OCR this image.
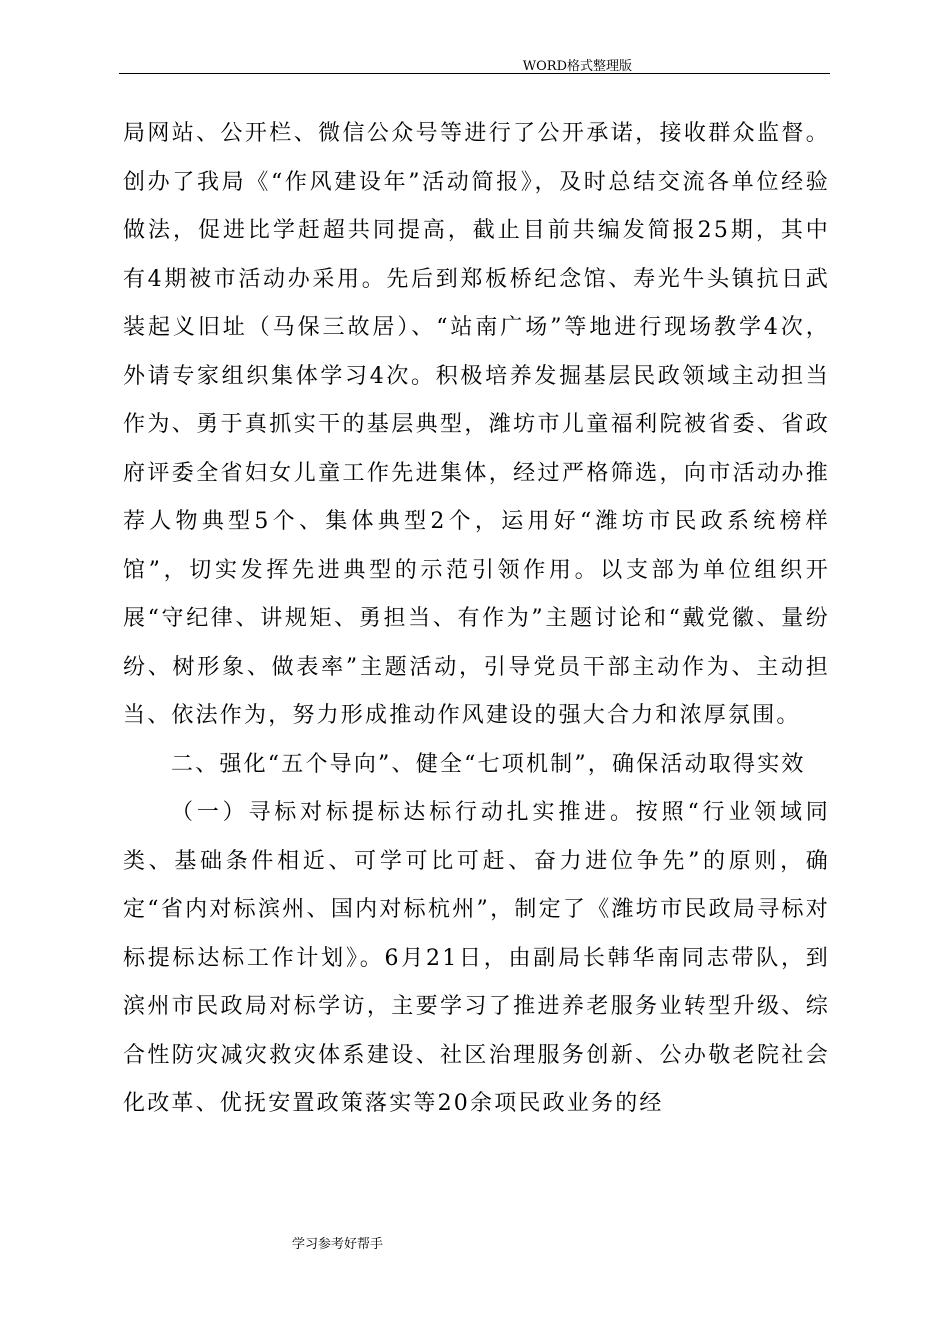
WORD格式整理版

局网站、公开栏、微信公众号等进行了公开承诺，接收群众监督。创办了我局《“作风建设年”活动简报》，及时总结交流各单位经验做法，促进比学赶超共同提高，截止目前共编发简报25期，其中有4期被市活动办采用。先后到郑板桥纪念馆、寿光牛头镇抗日武装起义旧址（马保三故居）、“站南广场”等地进行现场教学4次，外请专家组织集体学习4次。积极培养发掘基层民政领域主动担当作为、勇于真抓实干的基层典型，潍坊市儿童福利院被省委、省政府评委全省妇女儿童工作先进集体，经过严格筛选，向市活动办推荐人物典型5个、集体典型2个，运用好“潍坊市民政系统榜样馆”，切实发挥先进典型的示范引领作用。以支部为单位组织开展“守纪律、讲规矩、勇担当、有作为”主题讨论和“戴党徽、量纷纷、树形象、做表率”主题活动，引导党员干部主动作为、主动担当、依法作为，努力形成推动作风建设的强大合力和浓厚氛围。

二、强化“五个导向”、健全“七项机制”，确保活动取得实效

（一）寻标对标提标达标行动扎实推进。按照“行业领域同类、基础条件相近、可学可比可赶、奋力进位争先”的原则，确定“省内对标滨州、国内对标杭州”，制定了《潍坊市民政局寻标对标提标达标工作计划》。6月21日，由副局长韩华南同志带队，到滨州市民政局对标学访，主要学习了推进养老服务业转型升级、综合性防灾减灾救灾体系建设、社区治理服务创新、公办敬老院社会化改革、优抚安置政策落实等20余项民政业务的经

学习参考好帮手
